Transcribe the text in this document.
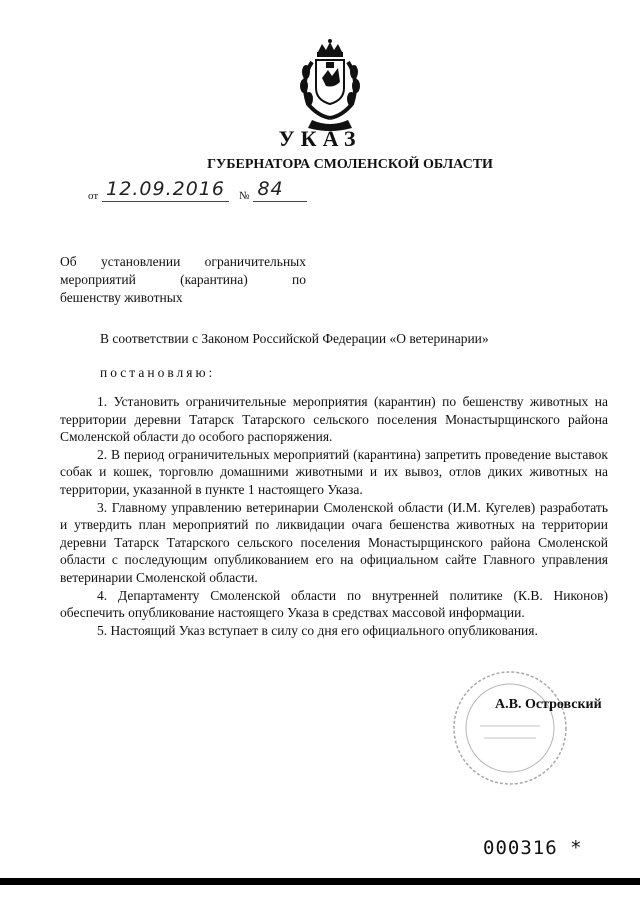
УКАЗ
ГУБЕРНАТОРА СМОЛЕНСКОЙ ОБЛАСТИ
от 12.09.2016	№ 84
Об установлении ограничительных
мероприятий (карантина) по
бешенству животных
В соответствии с Законом Российской Федерации «О ветеринарии»
постановляю:

1. Установить ограничительные мероприятия (карантин) по бешенству животных на территории деревни Татарск Татарского сельского поселения Монастырщинского района Смоленской области до особого распоряжения.

2. В период ограничительных мероприятий (карантина) запретить проведение выставок собак и кошек, торговлю домашними животными и их вывоз, отлов диких животных на территории, указанной в пункте 1 настоящего Указа.

3. Главному управлению ветеринарии Смоленской области (И.М. Кугелев) разработать и утвердить план мероприятий по ликвидации очага бешенства животных на территории деревни Татарск Татарского сельского поселения Монастырщинского района Смоленской области с последующим опубликованием его на официальном сайте Главного управления ветеринарии Смоленской области.

4. Департаменту Смоленской области по внутренней политике (К.В. Никонов) обеспечить опубликование настоящего Указа в средствах массовой информации.

5. Настоящий Указ вступает в силу со дня его официального опубликования.

А.В. Островский
000316 *
